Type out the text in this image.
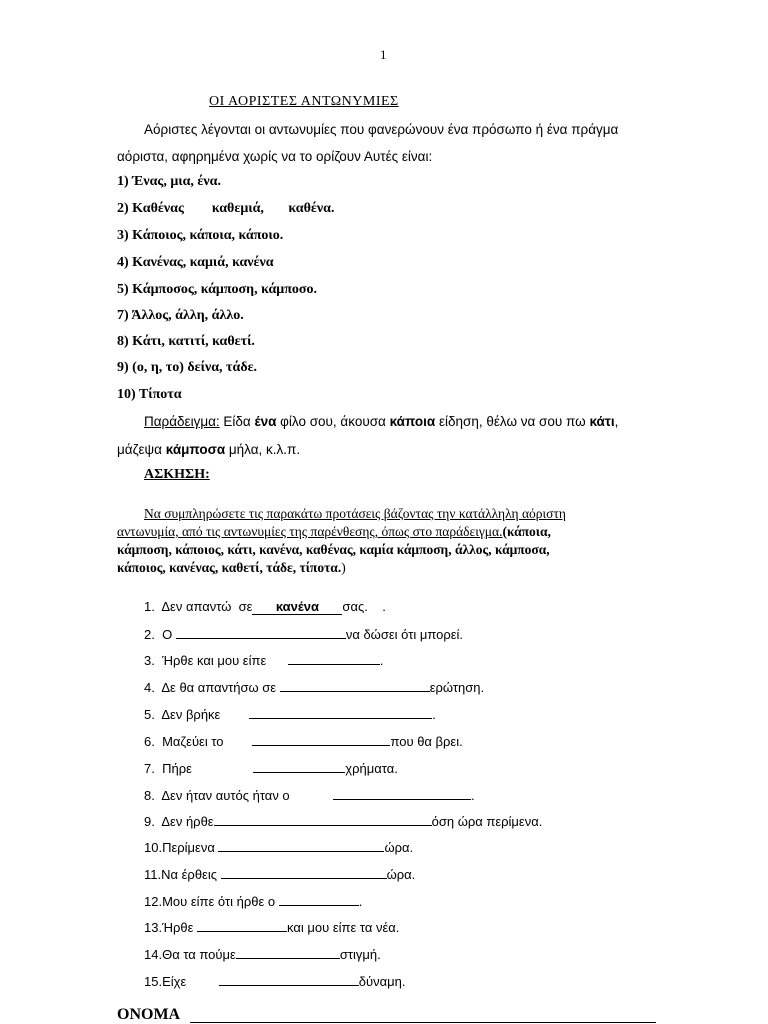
1
ΟΙ ΑΟΡΙΣΤΕΣ ΑΝΤΩΝΥΜΙΕΣ
Αόριστες λέγονται οι αντωνυμίες που φανερώνουν ένα πρόσωπο ή ένα πράγμα
αόριστα, αφηρημένα χωρίς να το ορίζουν Αυτές είναι:
1) Ένας, μια, ένα.
2) Καθένας        καθεμιά,       καθένα.
3) Κάποιος, κάποια, κάποιο.
4) Κανένας, καμιά, κανένα
5) Κάμποσος, κάμποση, κάμποσο.
7) Άλλος, άλλη, άλλο.
8) Κάτι, κατιτί, καθετί.
9) (ο, η, το) δείνα, τάδε.
10) Τίποτα
Παράδειγμα: Είδα ένα φίλο σου, άκουσα κάποια είδηση, θέλω να σου πω κάτι,
μάζεψα κάμποσα μήλα, κ.λ.π.
ΑΣΚΗΣΗ:
Να συμπληρώσετε τις παρακάτω προτάσεις βάζοντας την κατάλληλη αόριστη
αντωνυμία, από τις αντωνυμίες της παρένθεσης, όπως στο παράδειγμα.(κάποια,
κάμποση, κάποιος, κάτι, κανένα, καθένας, καμία κάμποση, άλλος, κάμποσα,
κάποιος, κανένας, καθετί, τάδε, τίποτα.)
1. Δεν απαντώ  σε κανένα σας.    .
2. Ο	να δώσει ότι μπορεί.
3. Ήρθε και μου είπε	.
4. Δε θα απαντήσω σε	ερώτηση.
5. Δεν βρήκε	.
6. Μαζεύει το	που θα βρει.
7. Πήρε	χρήματα.
8. Δεν ήταν αυτός ήταν ο	.
9. Δεν ήρθε	όση ώρα περίμενα.
10.Περίμενα	ώρα.
11.Να έρθεις	ώρα.
12.Μου είπε ότι ήρθε ο	.
13.Ήρθε	και μου είπε τα νέα.
14.Θα τα πούμε	στιγμή.
15.Είχε	δύναμη.
ΟΝΟΜΑ
